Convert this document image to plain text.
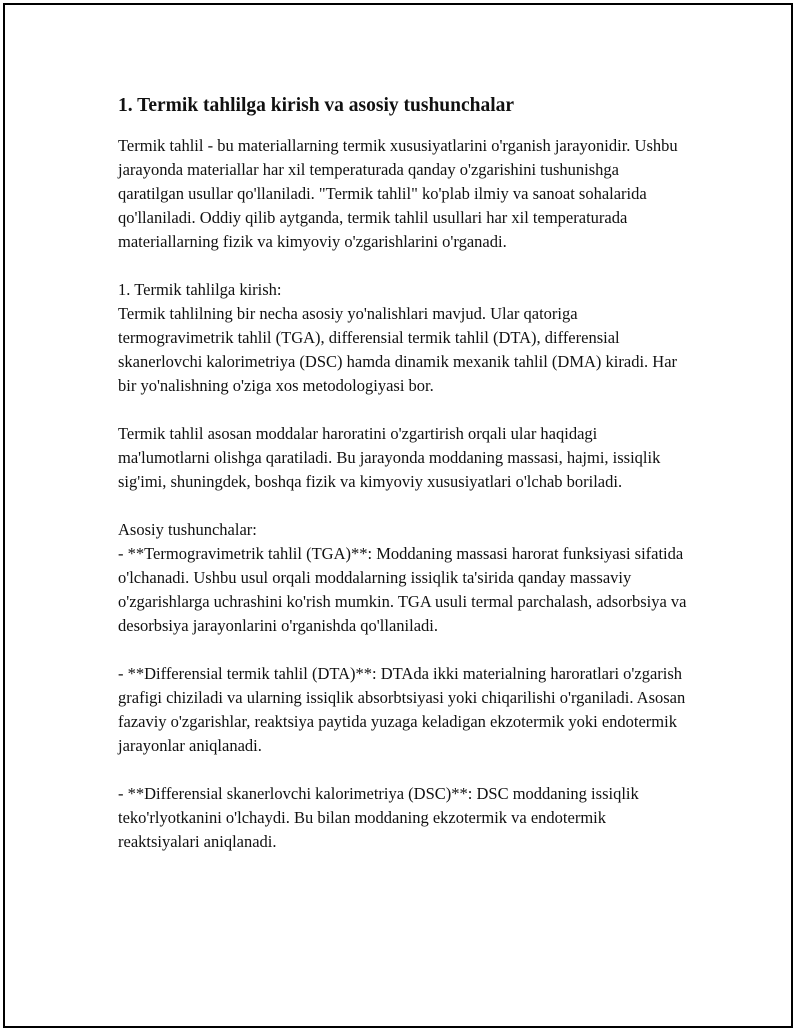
1. Termik tahlilga kirish va asosiy tushunchalar

Termik tahlil - bu materiallarning termik xususiyatlarini o'rganish jarayonidir. Ushbu jarayonda materiallar har xil temperaturada qanday o'zgarishini tushunishga qaratilgan usullar qo'llaniladi. "Termik tahlil" ko'plab ilmiy va sanoat sohalarida qo'llaniladi. Oddiy qilib aytganda, termik tahlil usullari har xil temperaturada materiallarning fizik va kimyoviy o'zgarishlarini o'rganadi.

1. Termik tahlilga kirish:
Termik tahlilning bir necha asosiy yo'nalishlari mavjud. Ular qatoriga termogravimetrik tahlil (TGA), differensial termik tahlil (DTA), differensial skanerlovchi kalorimetriya (DSC) hamda dinamik mexanik tahlil (DMA) kiradi. Har bir yo'nalishning o'ziga xos metodologiyasi bor.

Termik tahlil asosan moddalar haroratini o'zgartirish orqali ular haqidagi ma'lumotlarni olishga qaratiladi. Bu jarayonda moddaning massasi, hajmi, issiqlik sig'imi, shuningdek, boshqa fizik va kimyoviy xususiyatlari o'lchab boriladi.

Asosiy tushunchalar:
- **Termogravimetrik tahlil (TGA)**: Moddaning massasi harorat funksiyasi sifatida o'lchanadi. Ushbu usul orqali moddalarning issiqlik ta'sirida qanday massaviy o'zgarishlarga uchrashini ko'rish mumkin. TGA usuli termal parchalash, adsorbsiya va desorbsiya jarayonlarini o'rganishda qo'llaniladi.

- **Differensial termik tahlil (DTA)**: DTAda ikki materialning haroratlari o'zgarish grafigi chiziladi va ularning issiqlik absorbtsiyasi yoki chiqarilishi o'rganiladi. Asosan fazaviy o'zgarishlar, reaktsiya paytida yuzaga keladigan ekzotermik yoki endotermik jarayonlar aniqlanadi.

- **Differensial skanerlovchi kalorimetriya (DSC)**: DSC moddaning issiqlik teko'rlyotkanini o'lchaydi. Bu bilan moddaning ekzotermik va endotermik reaktsiyalari aniqlanadi.
